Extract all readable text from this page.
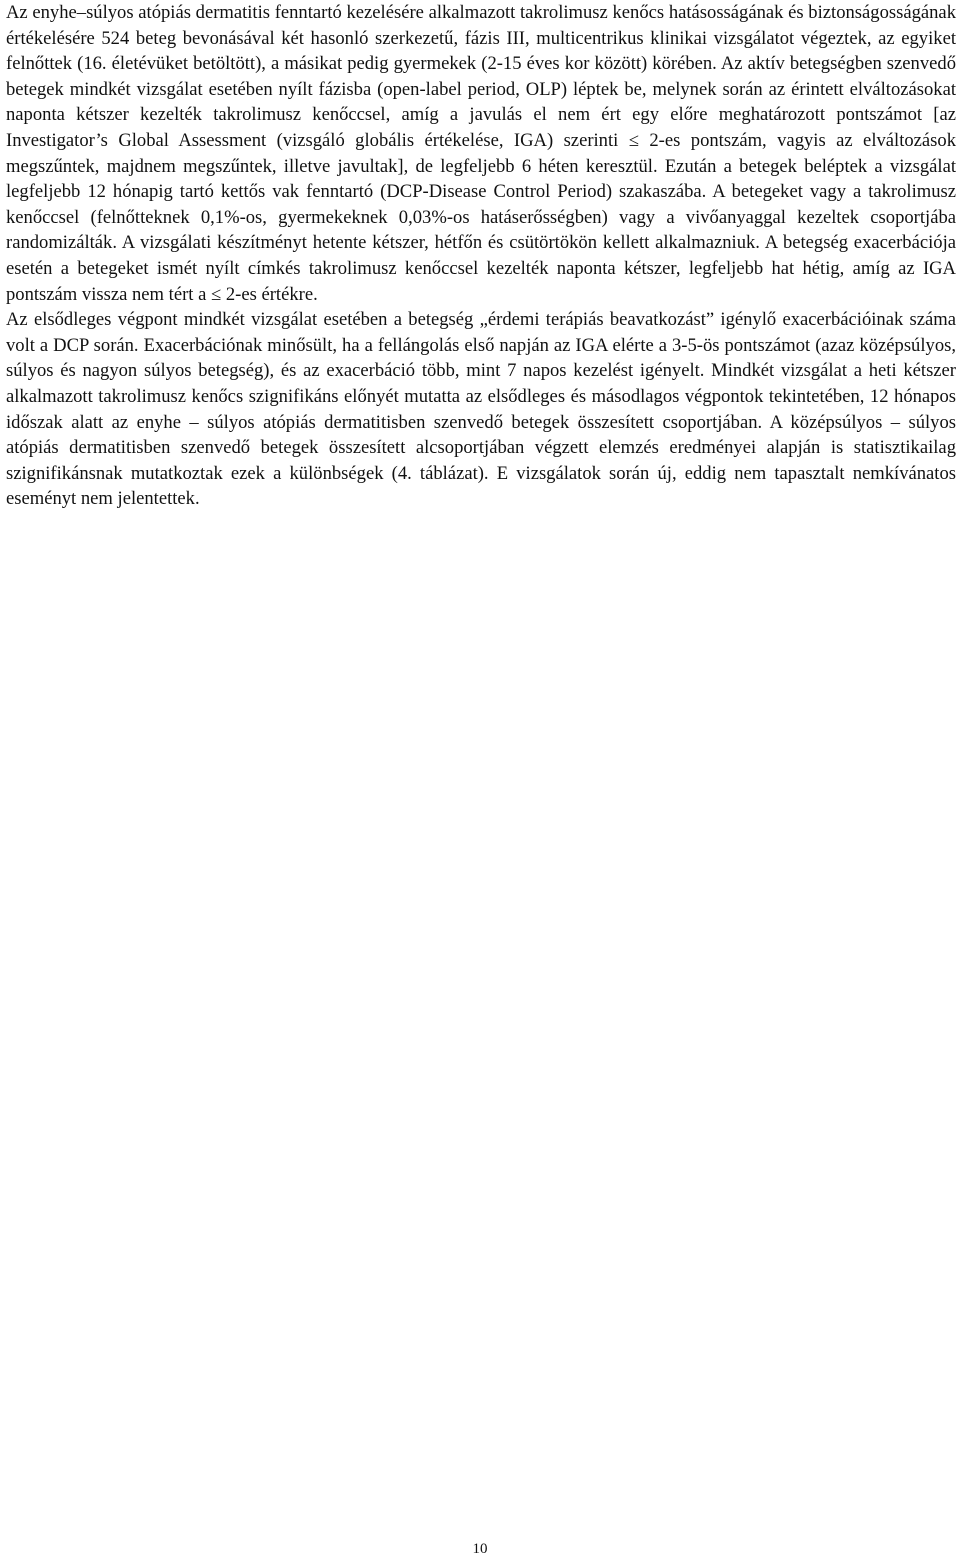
Az enyhe–súlyos atópiás dermatitis fenntartó kezelésére alkalmazott takrolimusz kenőcs hatásosságának és biztonságosságának értékelésére 524 beteg bevonásával két hasonló szerkezetű, fázis III, multicentrikus klinikai vizsgálatot végeztek, az egyiket felnőttek (16. életévüket betöltött), a másikat pedig gyermekek (2-15 éves kor között) körében. Az aktív betegségben szenvedő betegek mindkét vizsgálat esetében nyílt fázisba (open-label period, OLP) léptek be, melynek során az érintett elváltozásokat naponta kétszer kezelték takrolimusz kenőccsel, amíg a javulás el nem ért egy előre meghatározott pontszámot [az Investigator’s Global Assessment (vizsgáló globális értékelése, IGA) szerinti ≤ 2-es pontszám, vagyis az elváltozások megszűntek, majdnem megszűntek, illetve javultak], de legfeljebb 6 héten keresztül. Ezután a betegek beléptek a vizsgálat legfeljebb 12 hónapig tartó kettős vak fenntartó (DCP-Disease Control Period) szakaszába. A betegeket vagy a takrolimusz kenőccsel (felnőtteknek 0,1%-os, gyermekeknek 0,03%-os hatáserősségben) vagy a vivőanyaggal kezeltek csoportjába randomizálták. A vizsgálati készítményt hetente kétszer, hétfőn és csütörtökön kellett alkalmazniuk. A betegség exacerbációja esetén a betegeket ismét nyílt címkés takrolimusz kenőccsel kezelték naponta kétszer, legfeljebb hat hétig, amíg az IGA pontszám vissza nem tért a ≤ 2-es értékre.

Az elsődleges végpont mindkét vizsgálat esetében a betegség „érdemi terápiás beavatkozást” igénylő exacerbációinak száma volt a DCP során. Exacerbációnak minősült, ha a fellángolás első napján az IGA elérte a 3-5-ös pontszámot (azaz középsúlyos, súlyos és nagyon súlyos betegség), és az exacerbáció több, mint 7 napos kezelést igényelt. Mindkét vizsgálat a heti kétszer alkalmazott takrolimusz kenőcs szignifikáns előnyét mutatta az elsődleges és másodlagos végpontok tekintetében, 12 hónapos időszak alatt az enyhe – súlyos atópiás dermatitisben szenvedő betegek összesített csoportjában. A középsúlyos – súlyos atópiás dermatitisben szenvedő betegek összesített alcsoportjában végzett elemzés eredményei alapján is statisztikailag szignifikánsnak mutatkoztak ezek a különbségek (4. táblázat). E vizsgálatok során új, eddig nem tapasztalt nemkívánatos eseményt nem jelentettek.

10
